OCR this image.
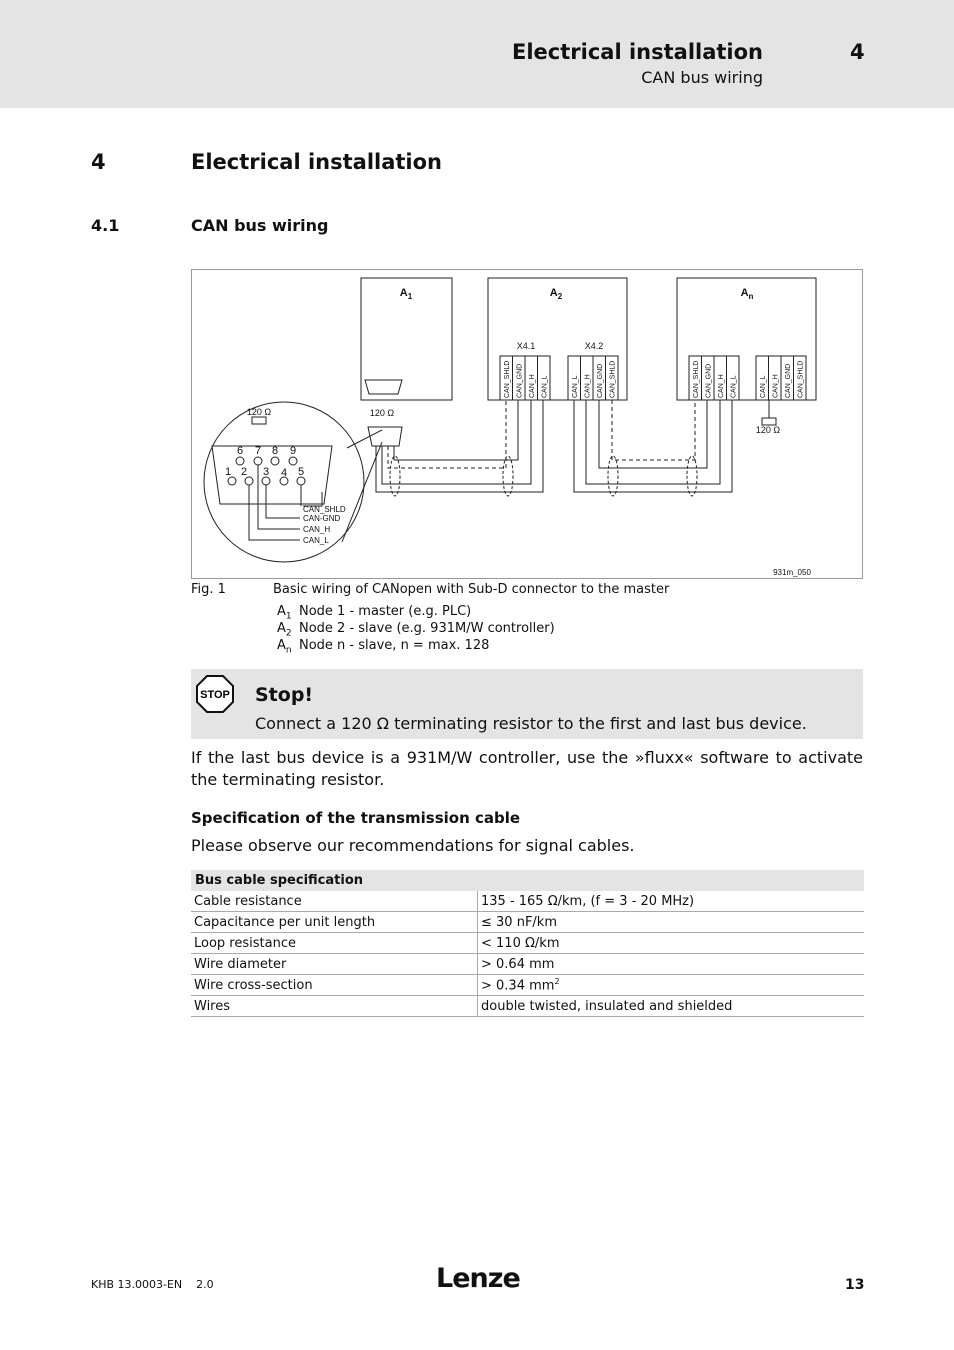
Electrical installation	4
CAN bus wiring
4	Electrical installation
4.1	CAN bus wiring
$A_1$	$A_2$	$A_n$
X4.1	X4.2
120 Ω	120 Ω
120 Ω
931m_050
6 7 8 9
1 2 3 4 5
CAN_SHLD
CAN-GND
CAN_H
CAN_L
CAN_SHLD CAN_GND CAN_H CAN_L	CAN_L CAN_H CAN_GND CAN_SHLD	CAN_SHLD CAN_GND CAN_H CAN_L	CAN_L CAN_H CAN_GND CAN_SHLD
Fig. 1	Basic wiring of CANopen with Sub-D connector to the master
$A_1$ Node 1 - master (e.g. PLC)
$A_2$ Node 2 - slave (e.g. 931M/W controller)
$A_n$ Node n - slave, n = max. 128
STOP Stop!
Connect a 120 Ω terminating resistor to the first and last bus device.
If the last bus device is a 931M/W controller, use the »fluxx« software to activate the terminating resistor.
Specification of the transmission cable
Please observe our recommendations for signal cables.
Bus cable specification	
Cable resistance	135 - 165 Ω/km, (f = 3 - 20 MHz)
Capacitance per unit length	≤ 30 nF/km
Loop resistance	< 110 Ω/km
Wire diameter	> 0.64 mm
Wire cross-section	> 0.34 $mm^2$
Wires	double twisted, insulated and shielded
KHB 13.0003-EN 2.0	Lenze	13
